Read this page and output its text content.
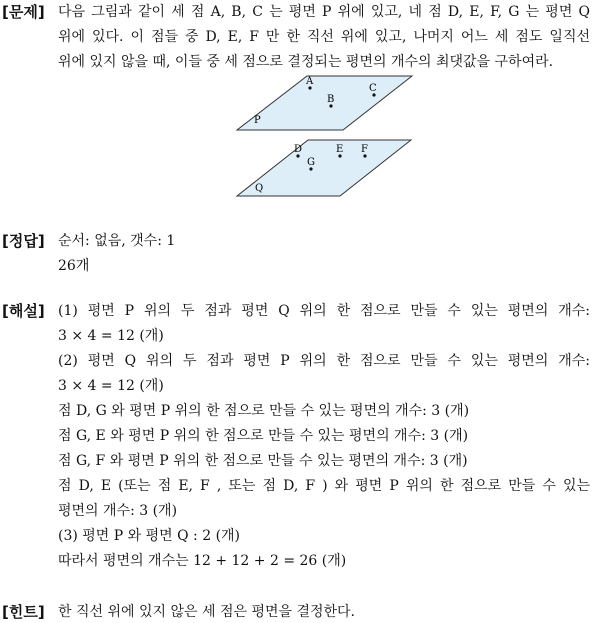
[문제] 다음 그림과 같이 세 점 A, B, C 는 평면 P 위에 있고, 네 점 D, E, F, G 는 평면 Q
위에 있다. 이 점들 중 D, E, F 만 한 직선 위에 있고, 나머지 어느 세 점도 일직선
위에 있지 않을 때, 이들 중 세 점으로 결정되는 평면의 개수의 최댓값을 구하여라.
P
A
B
C
Q
D
G
E F
[정답] 순서: 없음, 갯수: 1
26개
[해설] (1) 평면 P 위의 두 점과 평면 Q 위의 한 점으로 만들 수 있는 평면의 개수:
3 × 4 = 12 (개)
(2) 평면 Q 위의 두 점과 평면 P 위의 한 점으로 만들 수 있는 평면의 개수:
3 × 4 = 12 (개)
점 D, G 와 평면 P 위의 한 점으로 만들 수 있는 평면의 개수: 3 (개)
점 G, E 와 평면 P 위의 한 점으로 만들 수 있는 평면의 개수: 3 (개)
점 G, F 와 평면 P 위의 한 점으로 만들 수 있는 평면의 개수: 3 (개)
점 D, E (또는 점 E, F , 또는 점 D, F ) 와 평면 P 위의 한 점으로 만들 수 있는
평면의 개수: 3 (개)
(3) 평면 P 와 평면 Q : 2 (개)
따라서 평면의 개수는 12 + 12 + 2 = 26 (개)
[힌트] 한 직선 위에 있지 않은 세 점은 평면을 결정한다.
